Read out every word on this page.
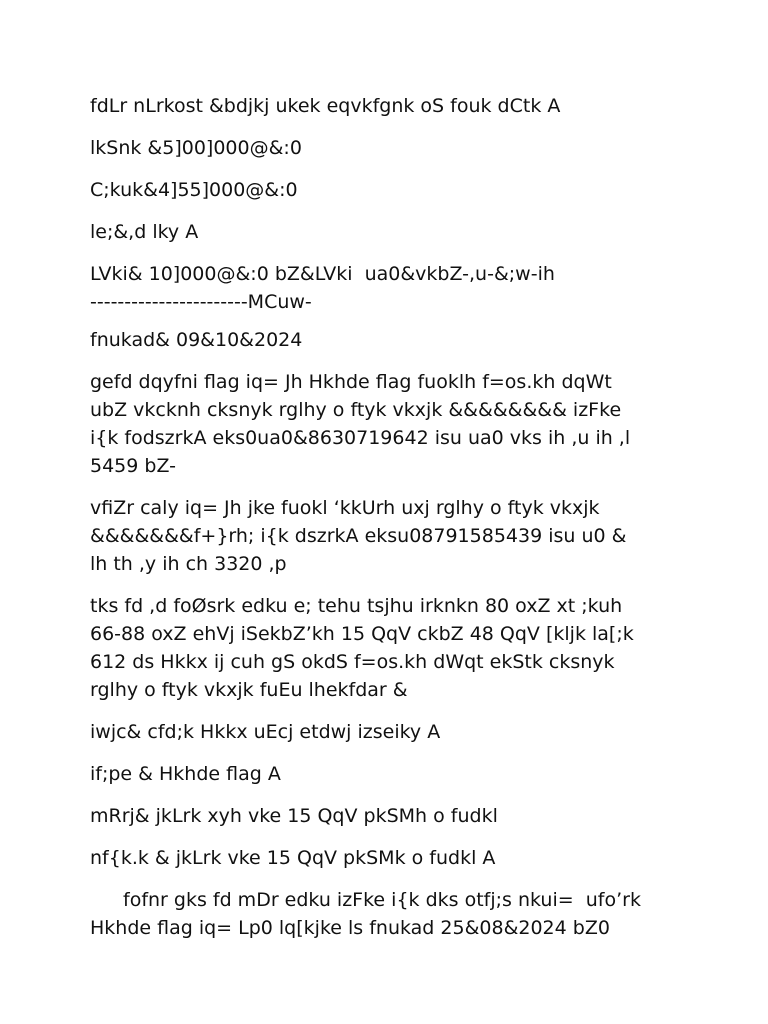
fdLr nLrkost &bdjkj ukek eqvkfgnk oS fouk dCtk A

lkSnk &5]00]000@&:0

C;kuk&4]55]000@&:0

le;&,d lky A

LVki& 10]000@&:0 bZ&LVki  ua0&vkbZ-,u-&;w-ih
-----------------------MCuw-

fnukad& 09&10&2024

gefd dqyfni flag iq= Jh Hkhde flag fuoklh f=os.kh dqWt
ubZ vkcknh cksnyk rglhy o ftyk vkxjk &&&&&&&& izFke
i{k fodszrkA eks0ua0&8630719642 isu ua0 vks ih ,u ih ,l
5459 bZ-

vfiZr caly iq= Jh jke fuokl ‘kkUrh uxj rglhy o ftyk vkxjk
&&&&&&&f+}rh; i{k dszrkA eksu08791585439 isu u0 &
lh th ,y ih ch 3320 ,p

tks fd ,d foØsrk edku e; tehu tsjhu irknkn 80 oxZ xt ;kuh
66-88 oxZ ehVj iSekbZ’kh 15 QqV ckbZ 48 QqV [kljk la[;k
612 ds Hkkx ij cuh gS okdS f=os.kh dWqt ekStk cksnyk
rglhy o ftyk vkxjk fuEu lhekfdar &

iwjc& cfd;k Hkkx uEcj etdwj izseiky A

if;pe & Hkhde flag A

mRrj& jkLrk xyh vke 15 QqV pkSMh o fudkl

nf{k.k & jkLrk vke 15 QqV pkSMk o fudkl A

fofnr gks fd mDr edku izFke i{k dks otfj;s nkui=  ufo’rk
Hkhde flag iq= Lp0 lq[kjke ls fnukad 25&08&2024 bZ0
